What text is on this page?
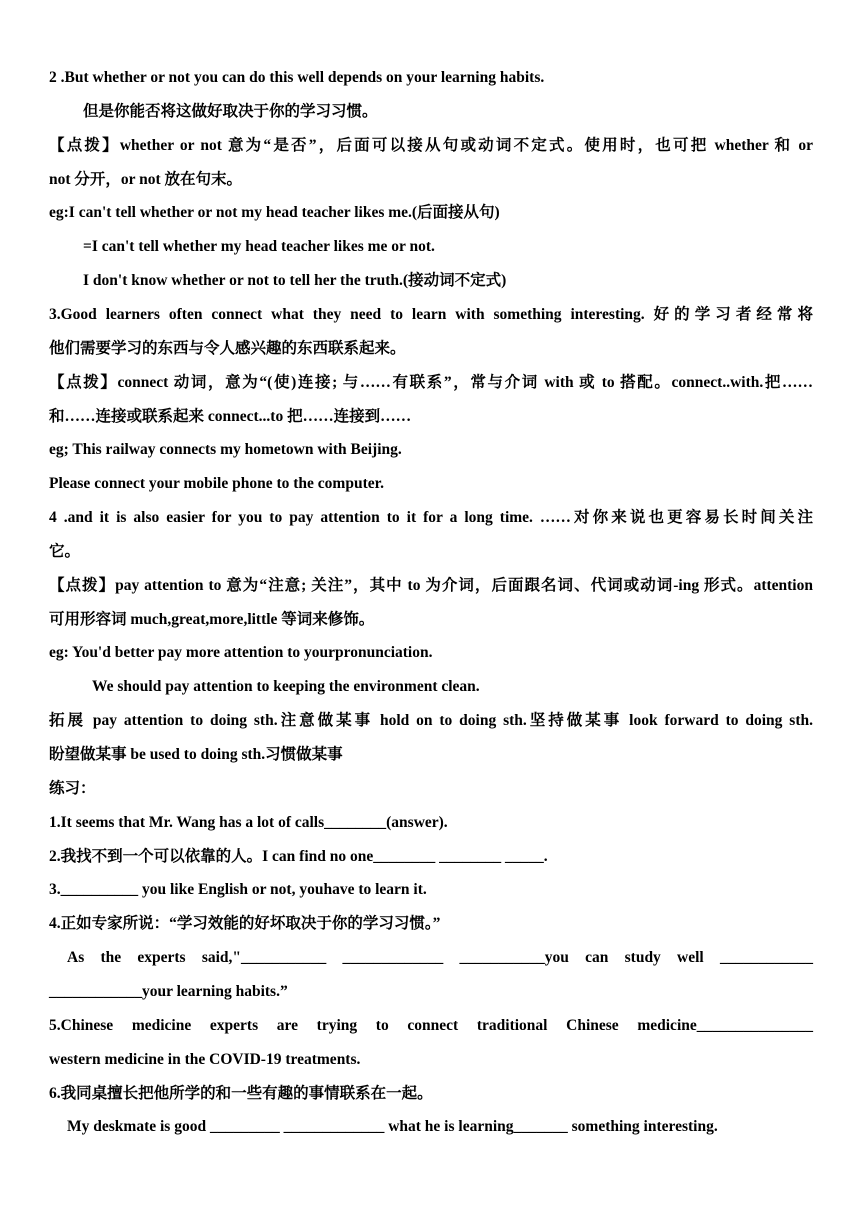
2 .But whether or not you can do this well depends on your learning habits.
但是你能否将这做好取决于你的学习习惯。
【点拨】whether or not 意为“是否”，后面可以接从句或动词不定式。使用时，也可把 whether 和 or
not 分开，or not 放在句末。
eg:I can't tell whether or not my head teacher likes me.(后面接从句)
=I can't tell whether my head teacher likes me or not.
I don't know whether or not to tell her the truth.(接动词不定式)
3.Good learners often connect what they need to learn with something interesting. 好的学习者经常将
他们需要学习的东西与令人感兴趣的东西联系起来。
【点拨】connect 动词，意为“(使)连接; 与……有联系”，常与介词 with 或 to 搭配。connect..with.把……
和……连接或联系起来 connect...to 把……连接到……
eg; This railway connects my hometown with Beijing.
Please connect your mobile phone to the computer.
4 .and it is also easier for you to pay attention to it for a long time. ……对你来说也更容易长时间关注
它。
【点拨】pay attention to 意为“注意; 关注”，其中 to 为介词，后面跟名词、代词或动词-ing 形式。attention
可用形容词 much,great,more,little 等词来修饰。
eg: You'd better pay more attention to yourpronunciation.
We should pay attention to keeping the environment clean.
拓展 pay attention to doing sth.注意做某事 hold on to doing sth.坚持做某事 look forward to doing sth.
盼望做某事 be used to doing sth.习惯做某事
练习：
1.It seems that Mr. Wang has a lot of calls________(answer).
2.我找不到一个可以依靠的人。I can find no one________ ________ _____.
3.__________ you like English or not, youhave to learn it.
4.正如专家所说：“学习效能的好坏取决于你的学习习惯。”
As the experts said,"___________ _____________ ___________you can study well ____________
____________your learning habits.”
5.Chinese medicine experts are trying to connect traditional Chinese medicine_______________
western medicine in the COVID-19 treatments.
6.我同桌擅长把他所学的和一些有趣的事情联系在一起。
My deskmate is good _________ _____________ what he is learning_______ something interesting.
